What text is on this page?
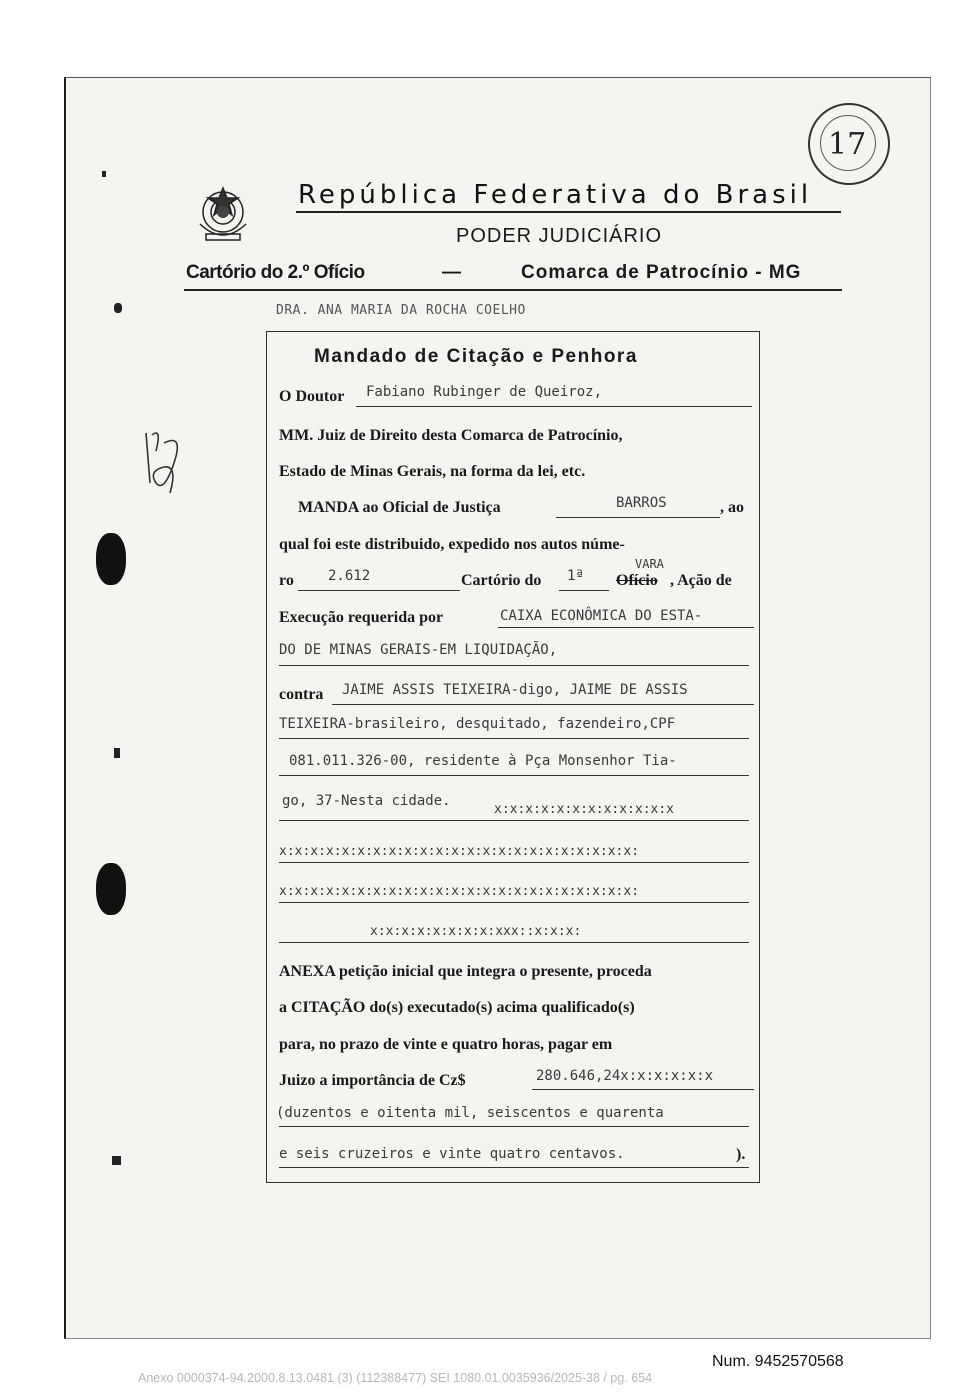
República Federativa do Brasil
PODER JUDICIÁRIO
Cartório do 2.º Ofício	—	Comarca de Patrocínio - MG
DRA. ANA MARIA DA ROCHA COELHO
17
Mandado de Citação e Penhora
O Doutor Fabiano Rubinger de Queiroz,
MM. Juiz de Direito desta Comarca de Patrocínio,
Estado de Minas Gerais, na forma da lei, etc.
MANDA ao Oficial de Justiça	BARROS	, ao
qual foi este distribuido, expedido nos autos núme-
ro 2.612	Cartório do 1ª
VARA
Ofício , Ação de
Execução requerida por	CAIXA ECONÔMICA DO ESTA-
DO DE MINAS GERAIS-EM LIQUIDAÇÃO,
contra JAIME ASSIS TEIXEIRA-digo, JAIME DE ASSIS
TEIXEIRA-brasileiro, desquitado, fazendeiro,CPF
081.011.326-00, residente à Pça Monsenhor Tia-
go, 37-Nesta cidade.
x:x:x:x:x:x:x:x:x:x:x:x
x:x:x:x:x:x:x:x:x:x:x:x:x:x:x:x:x:x:x:x:x:x:x:
x:x:x:x:x:x:x:x:x:x:x:x:x:x:x:x:x:x:x:x:x:x:x:
x:x:x:x:x:x:x:x:xxx::x:x:x:
ANEXA petição inicial que integra o presente, proceda
a CITAÇÃO do(s) executado(s) acima qualificado(s)
para, no prazo de vinte e quatro horas, pagar em
Juizo a importância de Cz$	280.646,24x:x:x:x:x:x
(duzentos e oitenta mil, seiscentos e quarenta
e seis cruzeiros e vinte quatro centavos.	).
Num. 9452570568
Anexo 0000374-94.2000.8.13.0481 (3) (112388477) SEI 1080.01.0035936/2025-38 / pg. 654
